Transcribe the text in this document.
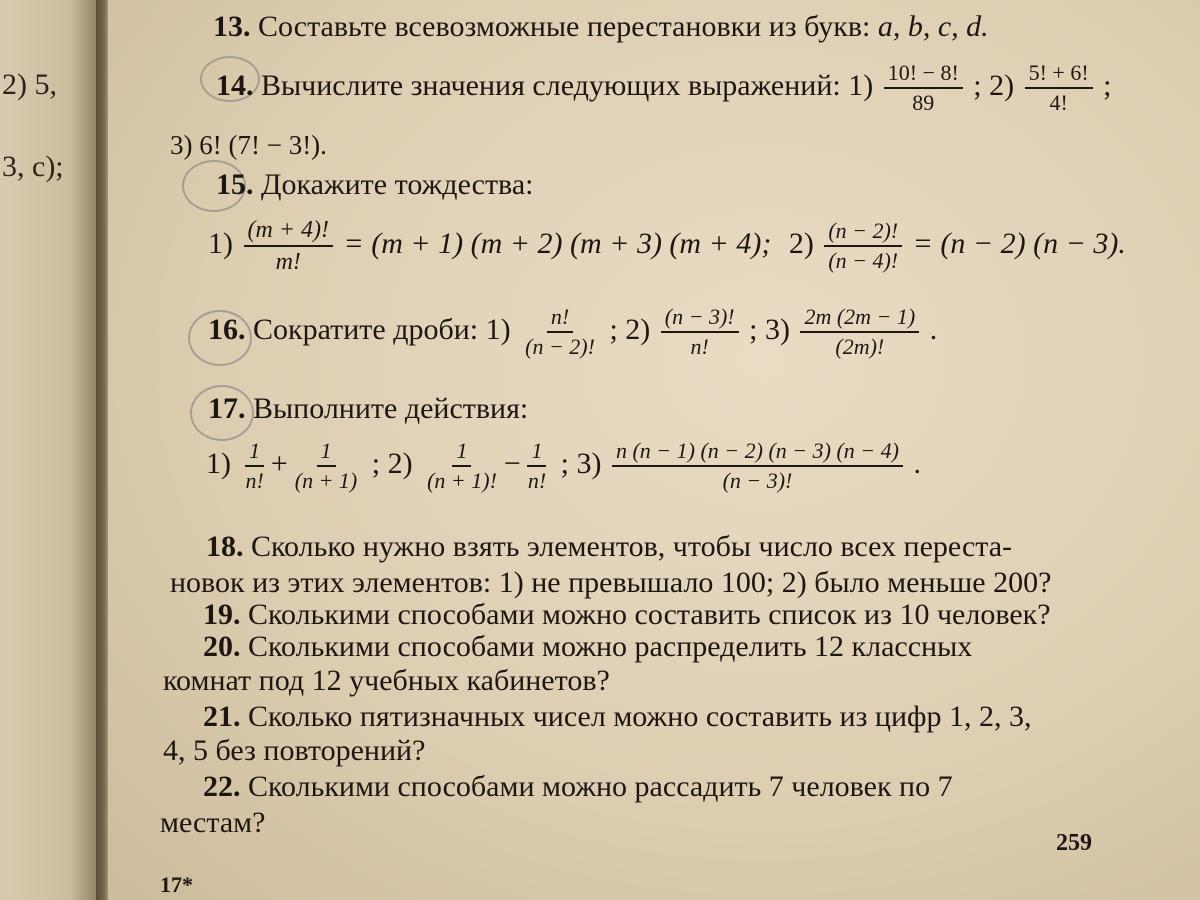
2) 5,
3, c);
13. Составьте всевозможные перестановки из букв: a, b, c, d.
14. Вычислите значения следующих выражений: $1) \frac{10! - 8!}{89}$ ; $2) \frac{5! + 6!}{4!}$ ;
3) 6! (7! − 3!).
15. Докажите тождества:
$1) \frac{(m + 4)!}{m!} = (m + 1) (m + 2) (m + 3) (m + 4)$; $2) \frac{(n - 2)!}{(n - 4)!} = (n - 2) (n - 3)$.
16. Сократите дроби: $1) \frac{n!}{(n - 2)!}$ ; $2) \frac{(n - 3)!}{n!}$ ; $3) \frac{2m (2m - 1)}{(2m)!}$ .
17. Выполните действия:
$1) \frac{1}{n!} + \frac{1}{(n + 1)}$ ; $2) \frac{1}{(n + 1)!} - \frac{1}{n!}$ ; $3) \frac{n (n - 1) (n - 2) (n - 3) (n - 4)}{(n - 3)!}$ .
18. Сколько нужно взять элементов, чтобы число всех переста-
новок из этих элементов: 1) не превышало 100; 2) было меньше 200?
19. Сколькими способами можно составить список из 10 человек?
20. Сколькими способами можно распределить 12 классных
комнат под 12 учебных кабинетов?
21. Сколько пятизначных чисел можно составить из цифр 1, 2, 3,
4, 5 без повторений?
22. Сколькими способами можно рассадить 7 человек по 7
местам?
259
17*
